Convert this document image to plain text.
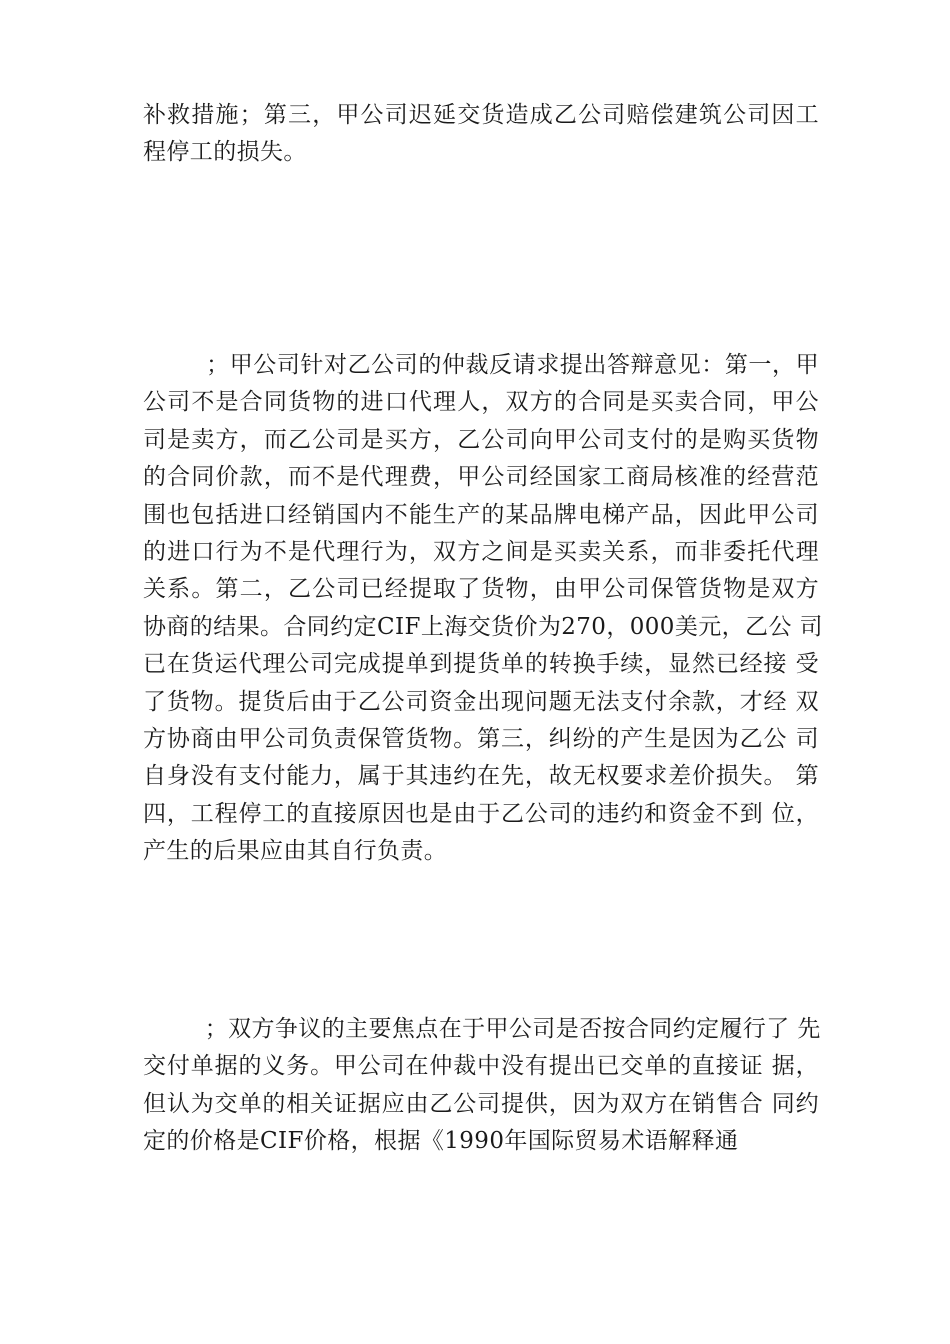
补救措施；第三，甲公司迟延交货造成乙公司赔偿建筑公司因工
程停工的损失。
；甲公司针对乙公司的仲裁反请求提出答辩意见：第一，甲
公司不是合同货物的进口代理人，双方的合同是买卖合同，甲公
司是卖方，而乙公司是买方，乙公司向甲公司支付的是购买货物
的合同价款，而不是代理费，甲公司经国家工商局核准的经营范
围也包括进口经销国内不能生产的某品牌电梯产品，因此甲公司
的进口行为不是代理行为，双方之间是买卖关系，而非委托代理
关系。第二，乙公司已经提取了货物，由甲公司保管货物是双方
协商的结果。合同约定CIF上海交货价为270，000美元，乙公 司
已在货运代理公司完成提单到提货单的转换手续，显然已经接 受
了货物。提货后由于乙公司资金出现问题无法支付余款，才经 双
方协商由甲公司负责保管货物。第三，纠纷的产生是因为乙公 司
自身没有支付能力，属于其违约在先，故无权要求差价损失。 第
四，工程停工的直接原因也是由于乙公司的违约和资金不到 位，
产生的后果应由其自行负责。
；双方争议的主要焦点在于甲公司是否按合同约定履行了 先
交付单据的义务。甲公司在仲裁中没有提出已交单的直接证 据，
但认为交单的相关证据应由乙公司提供，因为双方在销售合 同约
定的价格是CIF价格，根据《1990年国际贸易术语解释通
